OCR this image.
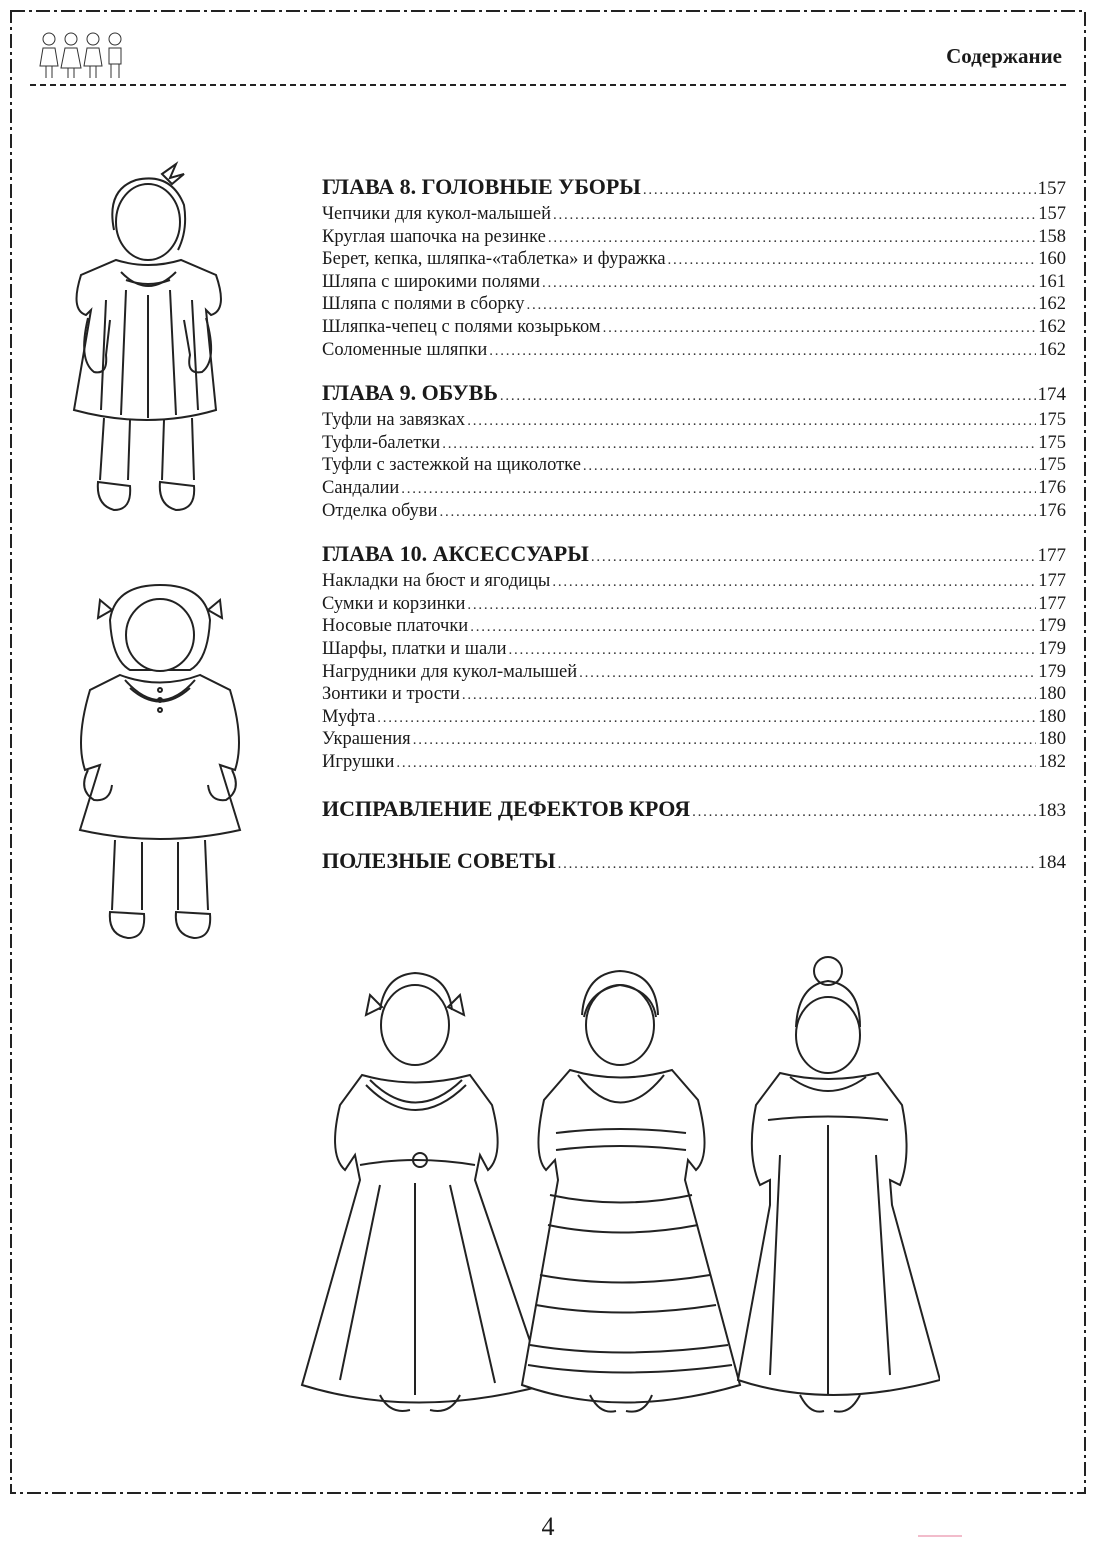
Содержание
ГЛАВА 8. ГОЛОВНЫЕ УБОРЫ . . .	157
Чепчики для кукол-малышей . . .	157
Круглая шапочка на резинке . . .	158
Берет, кепка, шляпка-«таблетка» и фуражка . . .	160
Шляпа с широкими полями . . .	161
Шляпа с полями в сборку . . .	162
Шляпка-чепец с полями козырьком . . .	162
Соломенные шляпки . . .	162
ГЛАВА 9. ОБУВЬ . . .	174
Туфли на завязках . . .	175
Туфли-балетки . . .	175
Туфли с застежкой на щиколотке . . .	175
Сандалии . . .	176
Отделка обуви . . .	176
ГЛАВА 10. АКСЕССУАРЫ . . .	177
Накладки на бюст и ягодицы . . .	177
Сумки и корзинки . . .	177
Носовые платочки . . .	179
Шарфы, платки и шали . . .	179
Нагрудники для кукол-малышей . . .	179
Зонтики и трости . . .	180
Муфта . . .	180
Украшения . . .	180
Игрушки . . .	182
ИСПРАВЛЕНИЕ ДЕФЕКТОВ КРОЯ . . .	183
ПОЛЕЗНЫЕ СОВЕТЫ . . .	184
4
